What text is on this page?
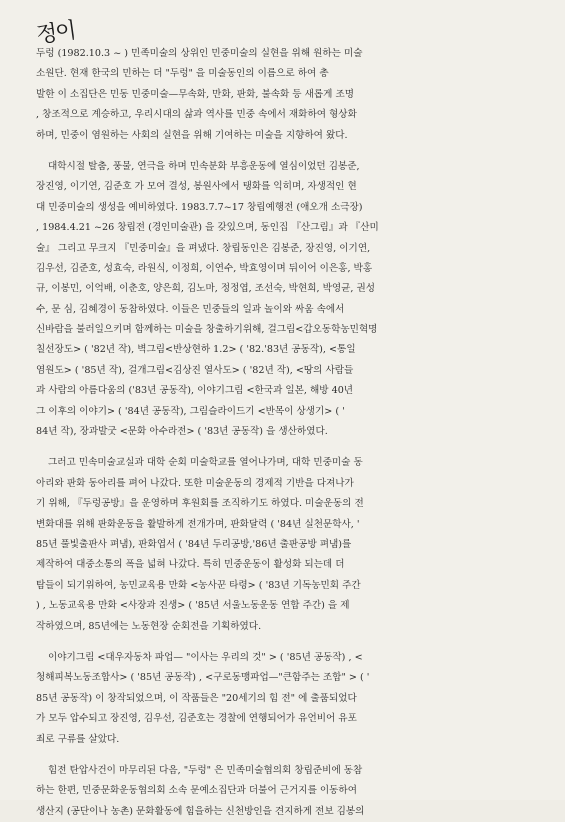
정이
두렁 (1982.10.3 ~ ) 민족미술의 상위인 민중미술의 실현을 위해 원하는 미술
소원단. 현재 한국의 민하는 더 "두렁" 을 미술동인의 이름으로 하여 총
발한 이 소집단은 민동 민중미술—무속화, 만화, 판화, 불속화 등 새롭게 조명
, 창조적으로 계승하고, 우리시대의 삶과 역사를 민중 속에서 재화하여 형상화
하며, 민중이 염원하는 사회의 실현을 위해 기여하는 미술을 지향하여 왔다.
대학시절 탈춤, 풍물, 연극을 하며 민속분화 부흥운동에 열심이었던 김봉준,
장진영, 이기연, 김준호 가 모여 결성, 봉원사에서 탱화를 익히며, 자생적인 현
대 민중미술의 생성을 예비하였다. 1983.7.7~17 창립예행전 (애오개 소극장)
, 1984.4.21 ~26 창립전 (경인미술관) 을 갖있으며, 동인집 『산그림』과 『산미
술』 그리고 무크지 『민중미술』을 펴냈다. 창립동인은 김봉준, 장진영, 이기연,
김우선, 김준호, 성효숙, 라원식, 이정희, 이연수, 박효영이며 뒤이어 이은홍, 박홍
규, 이봉민, 이억배, 이춘호, 양은희, 김노마, 정정엽, 조선숙, 박현희, 박영균, 권성
수, 문 심, 김혜경이 동참하였다. 이들은 민중들의 일과 놀이와 싸움 속에서
신바람을 불러일으키며 함께하는 미술을 창출하기위해, 걸그림<갑오동학농민혁명
칠선장도> ( '82년 작), 벽그림<반상현하 1.2> ( '82.'83년 공동작), <통일
염원도> ( '85년 작), 걸개그림<김상진 열사도> ( '82년 작), <땅의 사람들
과 사람의 아름다움의 ('83년 공동작), 이야기그림 <한국과 일본, 해방 40년
그 이후의 이야기> ( '84년 공동작), 그림슬라이드기 <반목이 상생기> ( '
84년 작), 장과발굿 <문화 아수라전> ( '83년 공동작) 을 생산하였다.
그러고 민속미술교실과 대학 순회 미술학교를 열어나가며, 대학 민중미술 동
아리와 판화 동아리를 펴어 나갔다. 또한 미술운동의 경제적 기반을 다져나가
기 위해, 『두렁공방』을 운영하며 후원회를 조직하기도 하였다. 미술운동의 전
변화대를 위해 판화운동을 활발하게 전개가며, 판화달력 ( '84년 실천문학사, '
85년 풀빛출판사 펴냄), 판화엽서 ( '84년 두리공방,'86년 출판공방 펴냄)를
제작하여 대중소통의 폭을 넓혀 나갔다. 특히 민중운동이 활성화 되는데 더
탐들이 되기위하여, 농민교육용 만화 <농사꾼 타령> ( '83년 기독농민회 주간
) , 노동교육용 만화 <사장과 진생> ( '85년 서울노동운동 연합 주간) 을 제
작하였으며, 85년에는 노동현장 순회전을 기획하였다.
이야기그림 <대우자동차 파업— "이사는 우리의 것" > ( '85년 공동작) , <
청해피복노동조합사> ( '85년 공동작) , <구로동맹파업—"큰함주는 조합" > ( '
85년 공동작) 이 창작되었으며, 이 작품들은 "20세기의 힘 전" 에 출품되었다
가 모두 압수되고 장진영, 김우선, 김준호는 경찰에 연행되어가 유언비어 유포
죄로 구류를 살았다.
힘전 탄압사건이 마무리된 다음, "두렁" 은 민족미술협의회 창립준비에 동참
하는 한편, 민중문화운동협의회 소속 문예소집단과 더불어 근거지를 이동하여
생산지 (공단이나 농촌) 문화활동에 힘을하는 신천방인을 견지하게 전보 김봉의
